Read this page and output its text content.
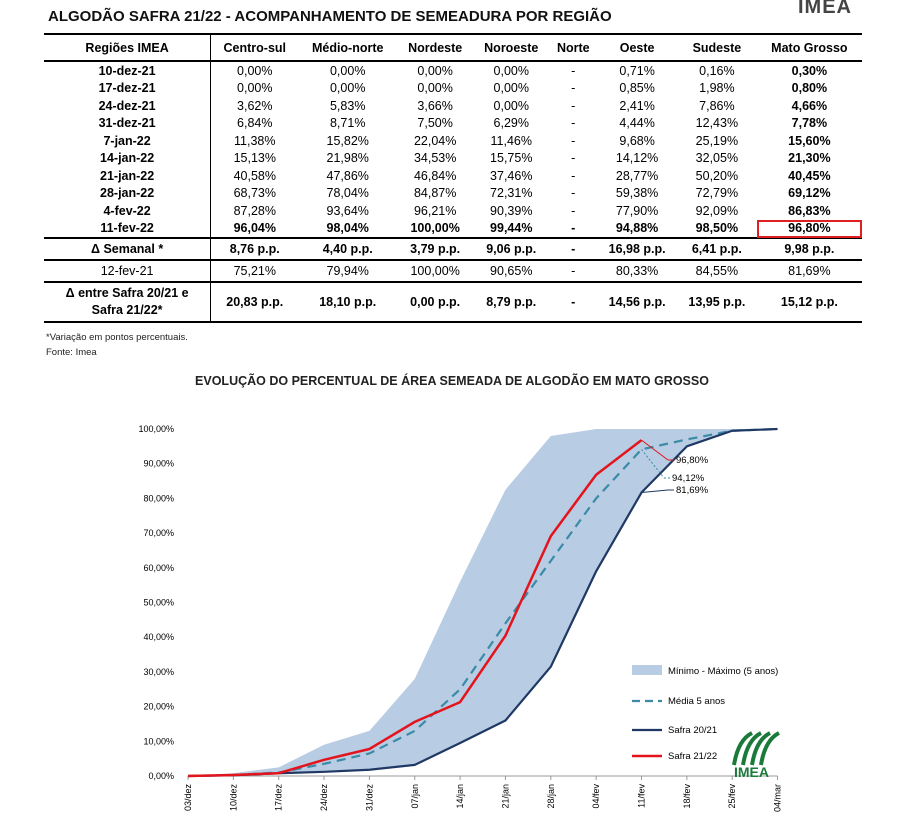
ALGODÃO SAFRA 21/22 - ACOMPANHAMENTO DE SEMEADURA POR REGIÃO	IMEA
Regiões IMEA	Centro-sul	Médio-norte	Nordeste	Noroeste	Norte	Oeste	Sudeste	Mato Grosso
10-dez-21	0,00%	0,00%	0,00%	0,00%	-	0,71%	0,16%	0,30%
17-dez-21	0,00%	0,00%	0,00%	0,00%	-	0,85%	1,98%	0,80%
24-dez-21	3,62%	5,83%	3,66%	0,00%	-	2,41%	7,86%	4,66%
31-dez-21	6,84%	8,71%	7,50%	6,29%	-	4,44%	12,43%	7,78%
7-jan-22	11,38%	15,82%	22,04%	11,46%	-	9,68%	25,19%	15,60%
14-jan-22	15,13%	21,98%	34,53%	15,75%	-	14,12%	32,05%	21,30%
21-jan-22	40,58%	47,86%	46,84%	37,46%	-	28,77%	50,20%	40,45%
28-jan-22	68,73%	78,04%	84,87%	72,31%	-	59,38%	72,79%	69,12%
4-fev-22	87,28%	93,64%	96,21%	90,39%	-	77,90%	92,09%	86,83%
11-fev-22	96,04%	98,04%	100,00%	99,44%	-	94,88%	98,50%	96,80%
Δ Semanal *	8,76 p.p.	4,40 p.p.	3,79 p.p.	9,06 p.p.	-	16,98 p.p.	6,41 p.p.	9,98 p.p.
12-fev-21	75,21%	79,94%	100,00%	90,65%	-	80,33%	84,55%	81,69%

Δ entre Safra 20/21 e
Safra 21/22*	20,83 p.p.	18,10 p.p.	0,00 p.p.	8,79 p.p.	-	14,56 p.p.	13,95 p.p.	15,12 p.p.
*Variação em pontos percentuais.
Fonte: Imea
EVOLUÇÃO DO PERCENTUAL DE ÁREA SEMEADA DE ALGODÃO EM MATO GROSSO
0,00%
10,00%
20,00%
30,00%
40,00%
50,00%
60,00%
70,00%
80,00%
90,00%
100,00%
03/dez	10/dez	17/dez	24/dez	31/dez	07/jan	14/jan	21/jan	28/jan	04/fev	11/fev	18/fev	25/fev	04/mar
96,80%
94,12%
81,69%
Mínimo - Máximo (5 anos)
Média 5 anos
Safra 20/21
Safra 21/22
IMEA
